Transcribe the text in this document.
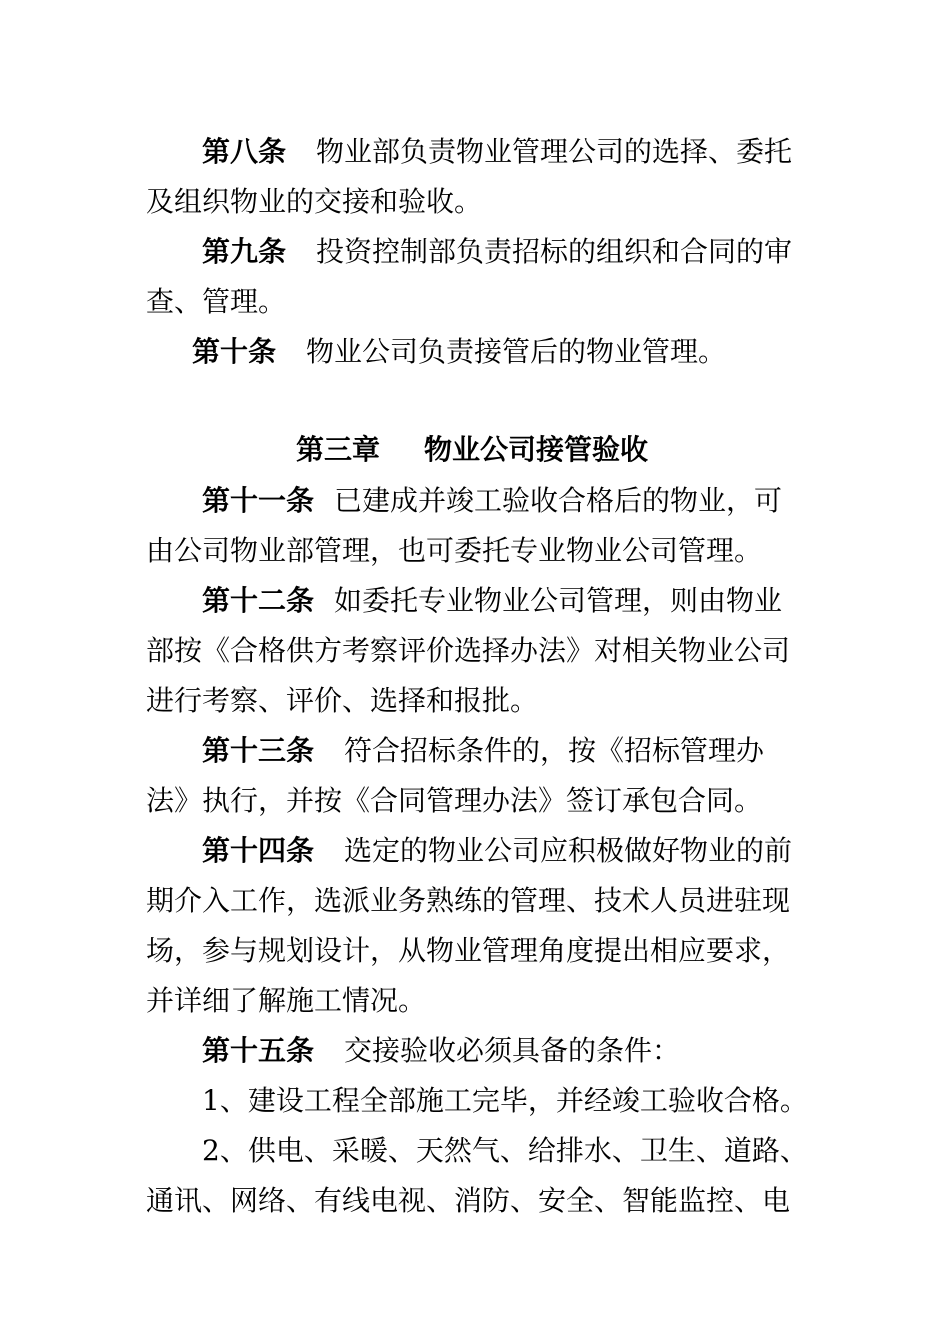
第八条 物业部负责物业管理公司的选择、委托
及组织物业的交接和验收。
第九条 投资控制部负责招标的组织和合同的审
查、管理。
第十条 物业公司负责接管后的物业管理。
第三章 物业公司接管验收
第十一条 已建成并竣工验收合格后的物业，可
由公司物业部管理，也可委托专业物业公司管理。
第十二条 如委托专业物业公司管理，则由物业
部按《合格供方考察评价选择办法》对相关物业公司
进行考察、评价、选择和报批。
第十三条 符合招标条件的，按《招标管理办
法》执行，并按《合同管理办法》签订承包合同。
第十四条 选定的物业公司应积极做好物业的前
期介入工作，选派业务熟练的管理、技术人员进驻现
场，参与规划设计，从物业管理角度提出相应要求，
并详细了解施工情况。
第十五条 交接验收必须具备的条件：
1、建设工程全部施工完毕，并经竣工验收合格。
2、供电、采暖、天然气、给排水、卫生、道路、
通讯、网络、有线电视、消防、安全、智能监控、电
